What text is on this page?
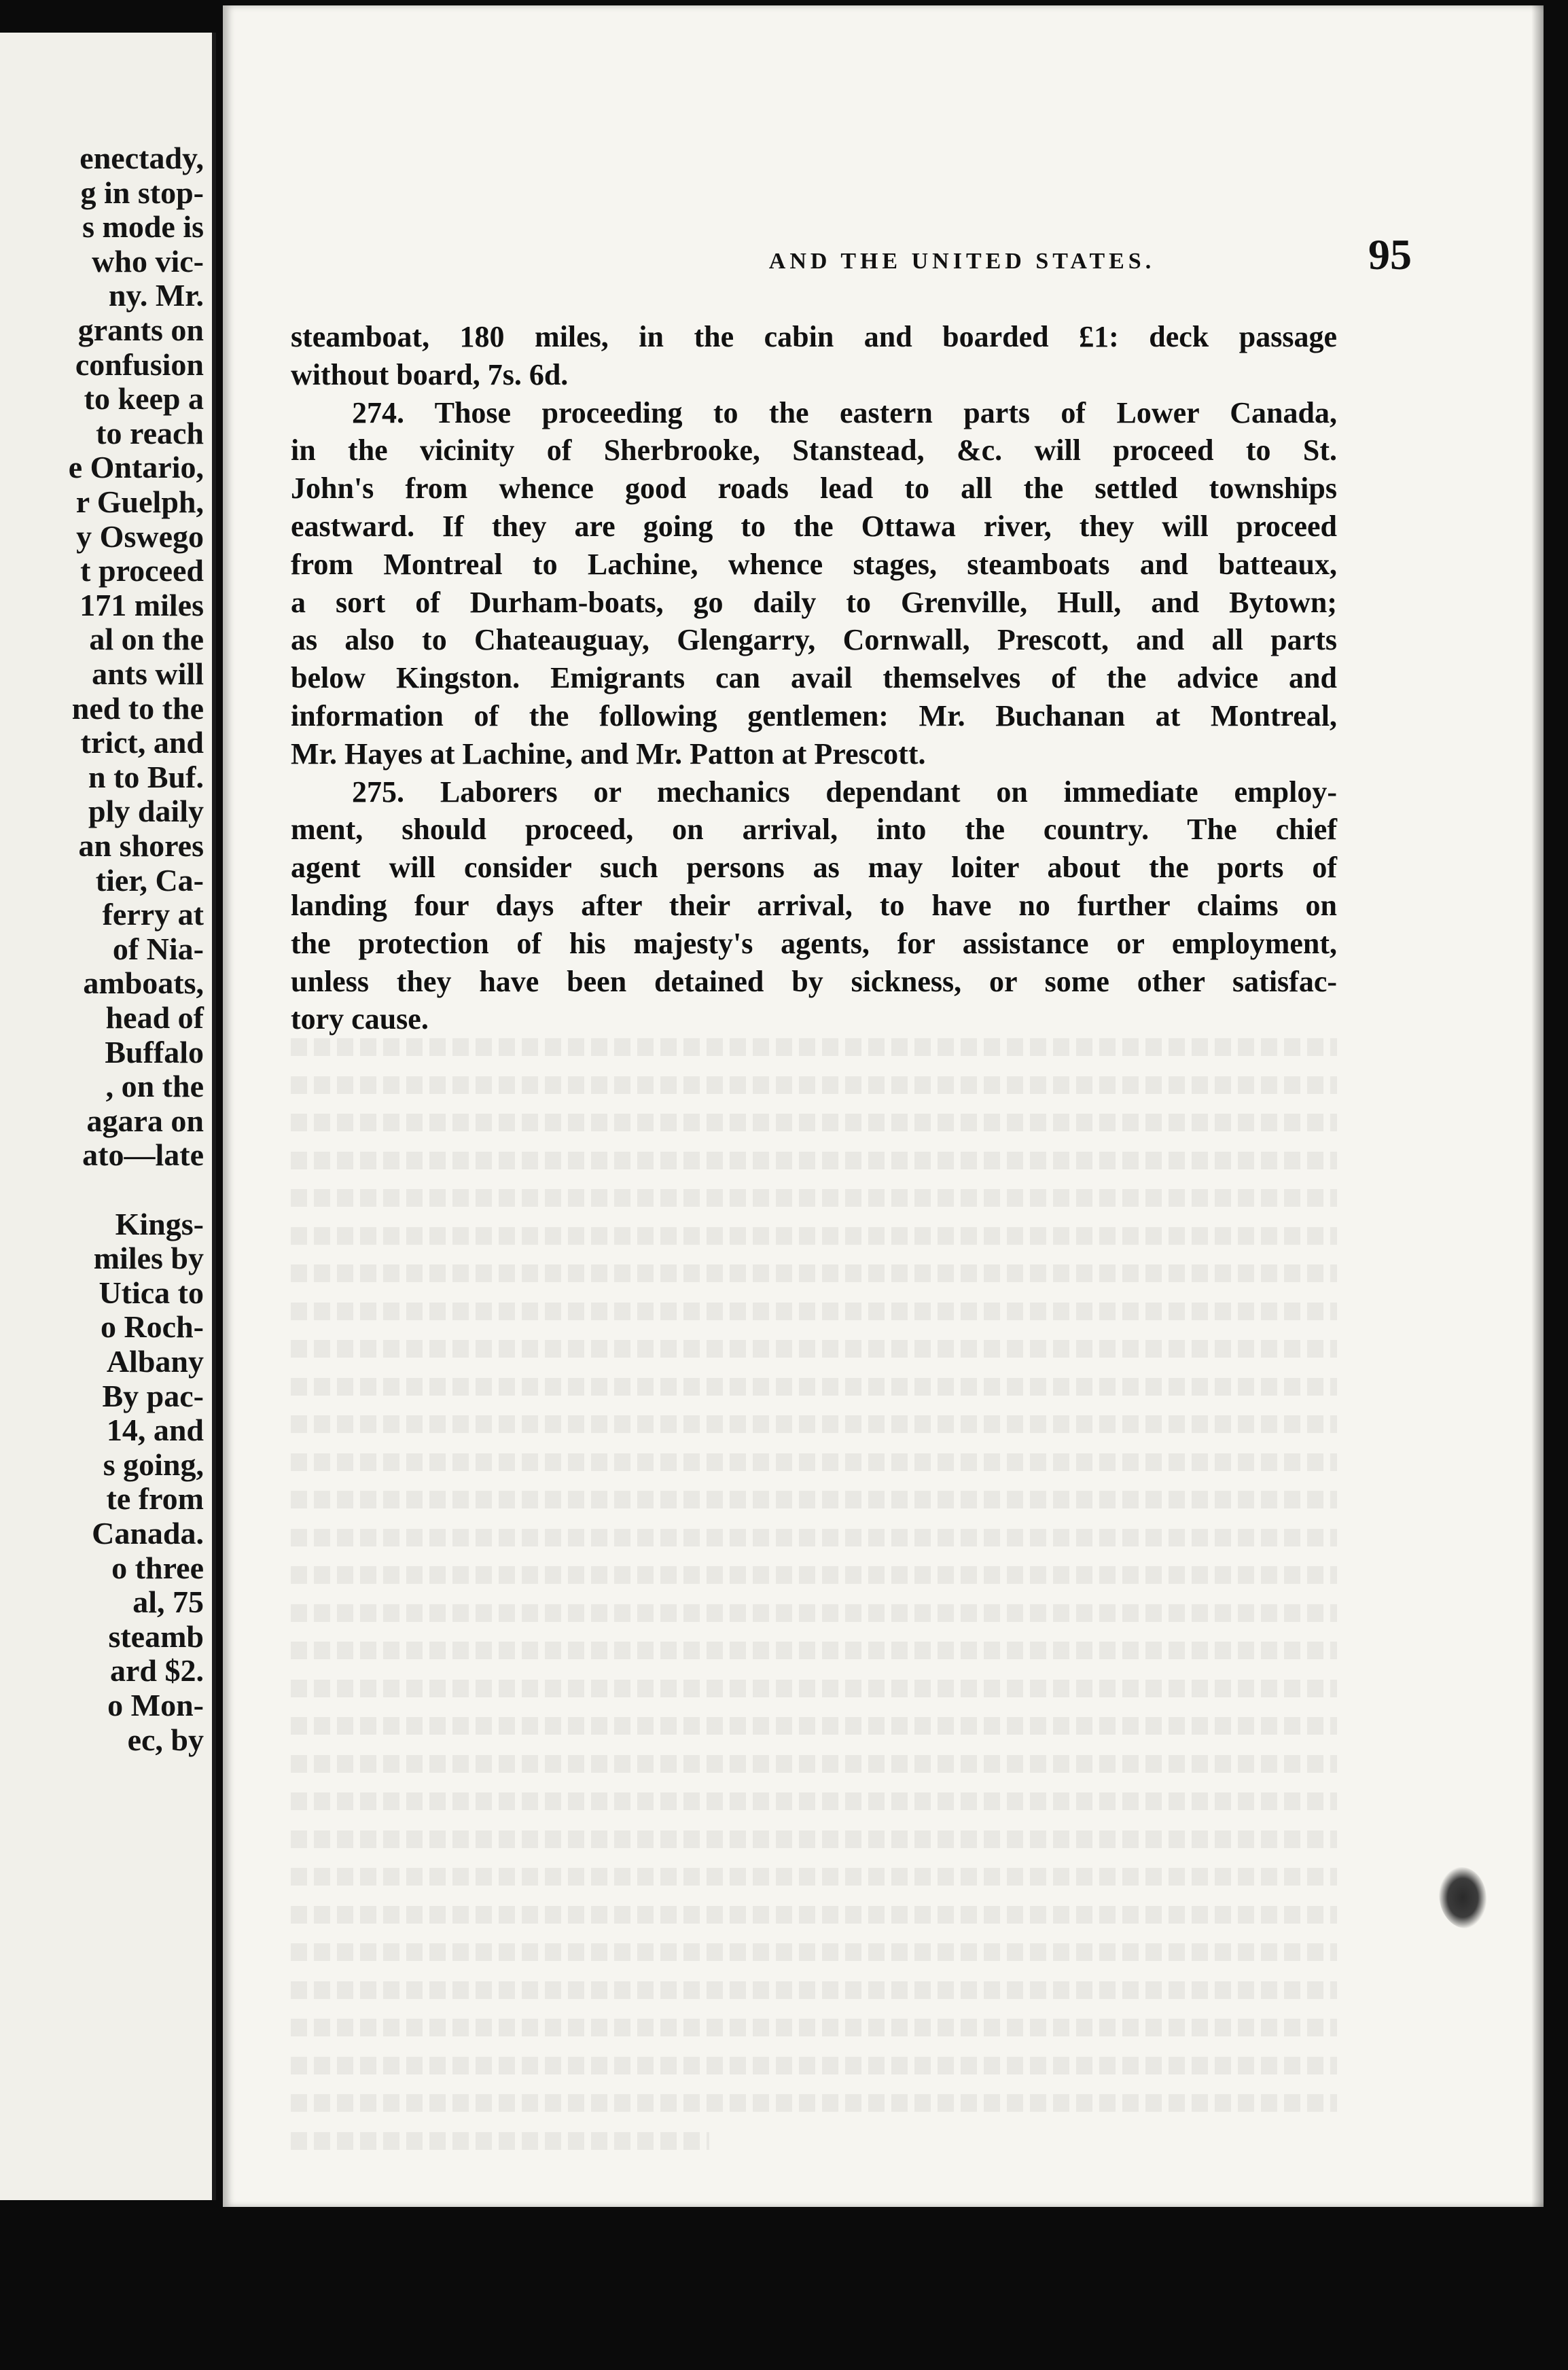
enectady,

g in stop-

s mode is

who vic-

ny. Mr.

grants on

confusion

to keep a

to reach

e Ontario,

r Guelph,

y Oswego

t proceed

171 miles

al on the

ants will

ned to the

trict, and

n to Buf.

ply daily

an shores

tier, Ca-

ferry at

of Nia-

amboats,

head of

Buffalo

, on the

agara on

ato—late

Kings-

miles by

Utica to

o Roch-

Albany

By pac-

14, and

s going,

te from

Canada.

o three

al, 75

steamb

ard $2.

o Mon-

ec, by

AND THE UNITED STATES.	95
steamboat, 180 miles, in the cabin and boarded £1: deck passage
without board, 7s. 6d.
274. Those proceeding to the eastern parts of Lower Canada,
in the vicinity of Sherbrooke, Stanstead, &c. will proceed to St.
John's from whence good roads lead to all the settled townships
eastward. If they are going to the Ottawa river, they will proceed
from Montreal to Lachine, whence stages, steamboats and batteaux,
a sort of Durham-boats, go daily to Grenville, Hull, and Bytown;
as also to Chateauguay, Glengarry, Cornwall, Prescott, and all parts
below Kingston. Emigrants can avail themselves of the advice and
information of the following gentlemen: Mr. Buchanan at Montreal,
Mr. Hayes at Lachine, and Mr. Patton at Prescott.
275. Laborers or mechanics dependant on immediate employ-
ment, should proceed, on arrival, into the country. The chief
agent will consider such persons as may loiter about the ports of
landing four days after their arrival, to have no further claims on
the protection of his majesty's agents, for assistance or employment,
unless they have been detained by sickness, or some other satisfac-
tory cause.
